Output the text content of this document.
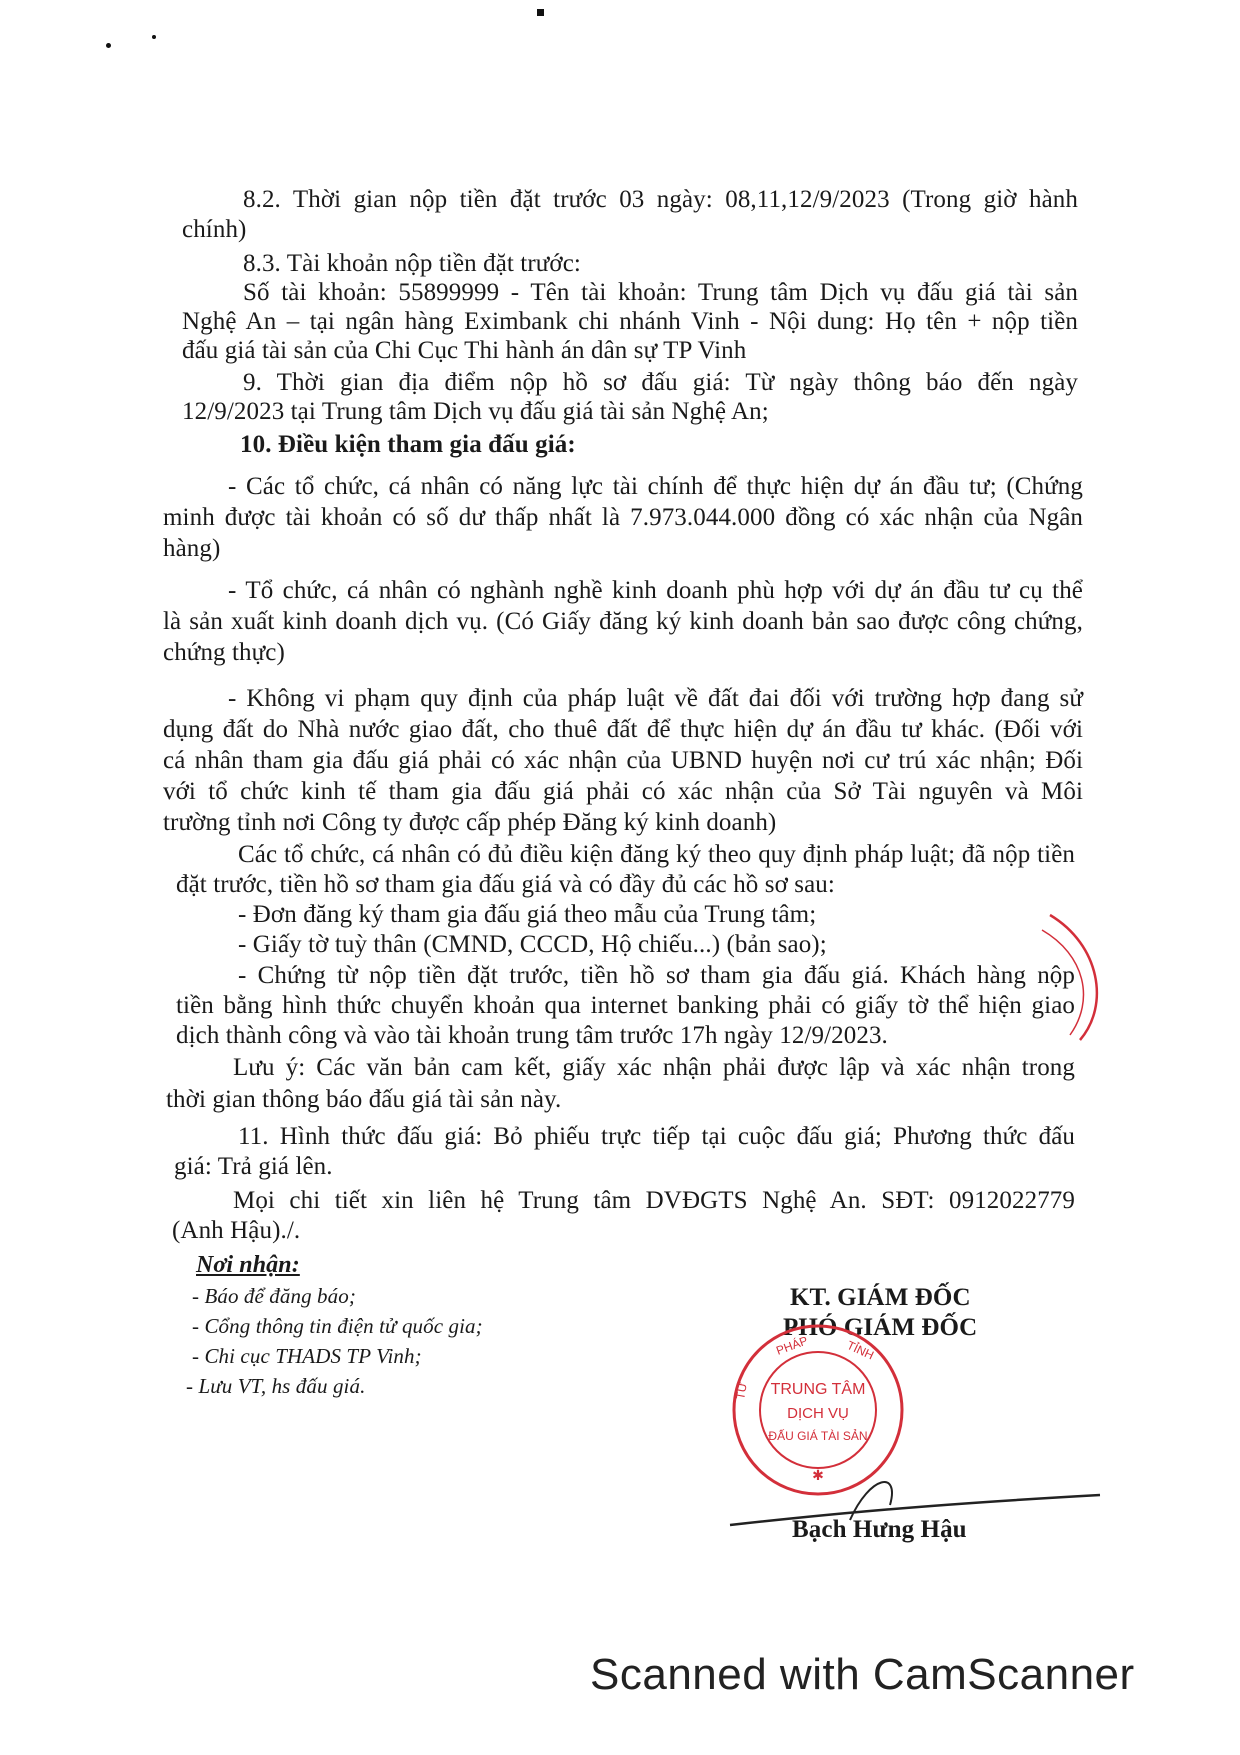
8.2. Thời gian nộp tiền đặt trước 03 ngày: 08,11,12/9/2023 (Trong giờ hành
chính)
8.3. Tài khoản nộp tiền đặt trước:
Số tài khoản: 55899999 - Tên tài khoản: Trung tâm Dịch vụ đấu giá tài sản
Nghệ An – tại ngân hàng Eximbank chi nhánh Vinh - Nội dung: Họ tên + nộp tiền
đấu giá tài sản của Chi Cục Thi hành án dân sự TP Vinh
9. Thời gian địa điểm nộp hồ sơ đấu giá: Từ ngày thông báo đến ngày
12/9/2023 tại Trung tâm Dịch vụ đấu giá tài sản Nghệ An;
10. Điều kiện tham gia đấu giá:
- Các tổ chức, cá nhân có năng lực tài chính để thực hiện dự án đầu tư; (Chứng
minh được tài khoản có số dư thấp nhất là 7.973.044.000 đồng có xác nhận của Ngân
hàng)
- Tổ chức, cá nhân có nghành nghề kinh doanh phù hợp với dự án đầu tư cụ thể
là sản xuất kinh doanh dịch vụ. (Có Giấy đăng ký kinh doanh bản sao được công chứng,
chứng thực)
- Không vi phạm quy định của pháp luật về đất đai đối với trường hợp đang sử
dụng đất do Nhà nước giao đất, cho thuê đất để thực hiện dự án đầu tư khác. (Đối với
cá nhân tham gia đấu giá phải có xác nhận của UBND huyện nơi cư trú xác nhận; Đối
với tổ chức kinh tế tham gia đấu giá phải có xác nhận của Sở Tài nguyên và Môi
trường tỉnh nơi Công ty được cấp phép Đăng ký kinh doanh)
Các tổ chức, cá nhân có đủ điều kiện đăng ký theo quy định pháp luật; đã nộp tiền
đặt trước, tiền hồ sơ tham gia đấu giá và có đầy đủ các hồ sơ sau:
- Đơn đăng ký tham gia đấu giá theo mẫu của Trung tâm;
- Giấy tờ tuỳ thân (CMND, CCCD, Hộ chiếu...) (bản sao);
- Chứng từ nộp tiền đặt trước, tiền hồ sơ tham gia đấu giá. Khách hàng nộp
tiền bằng hình thức chuyển khoản qua internet banking phải có giấy tờ thể hiện giao
dịch thành công và vào tài khoản trung tâm trước 17h ngày 12/9/2023.
Lưu ý: Các văn bản cam kết, giấy xác nhận phải được lập và xác nhận trong
thời gian thông báo đấu giá tài sản này.
11. Hình thức đấu giá: Bỏ phiếu trực tiếp tại cuộc đấu giá; Phương thức đấu
giá: Trả giá lên.
Mọi chi tiết xin liên hệ Trung tâm DVĐGTS Nghệ An. SĐT: 0912022779
(Anh Hậu)./.
Nơi nhận:
- Báo để đăng báo;
- Cổng thông tin điện tử quốc gia;
- Chi cục THADS TP Vinh;
- Lưu VT, hs đấu giá.
KT. GIÁM ĐỐC
PHÓ GIÁM ĐỐC
PHÁP	TỈNH
TƯ TRUNG TÂM
DỊCH VỤ
ĐẤU GIÁ TÀI SẢN
✱
Bạch Hưng Hậu
Scanned with CamScanner
